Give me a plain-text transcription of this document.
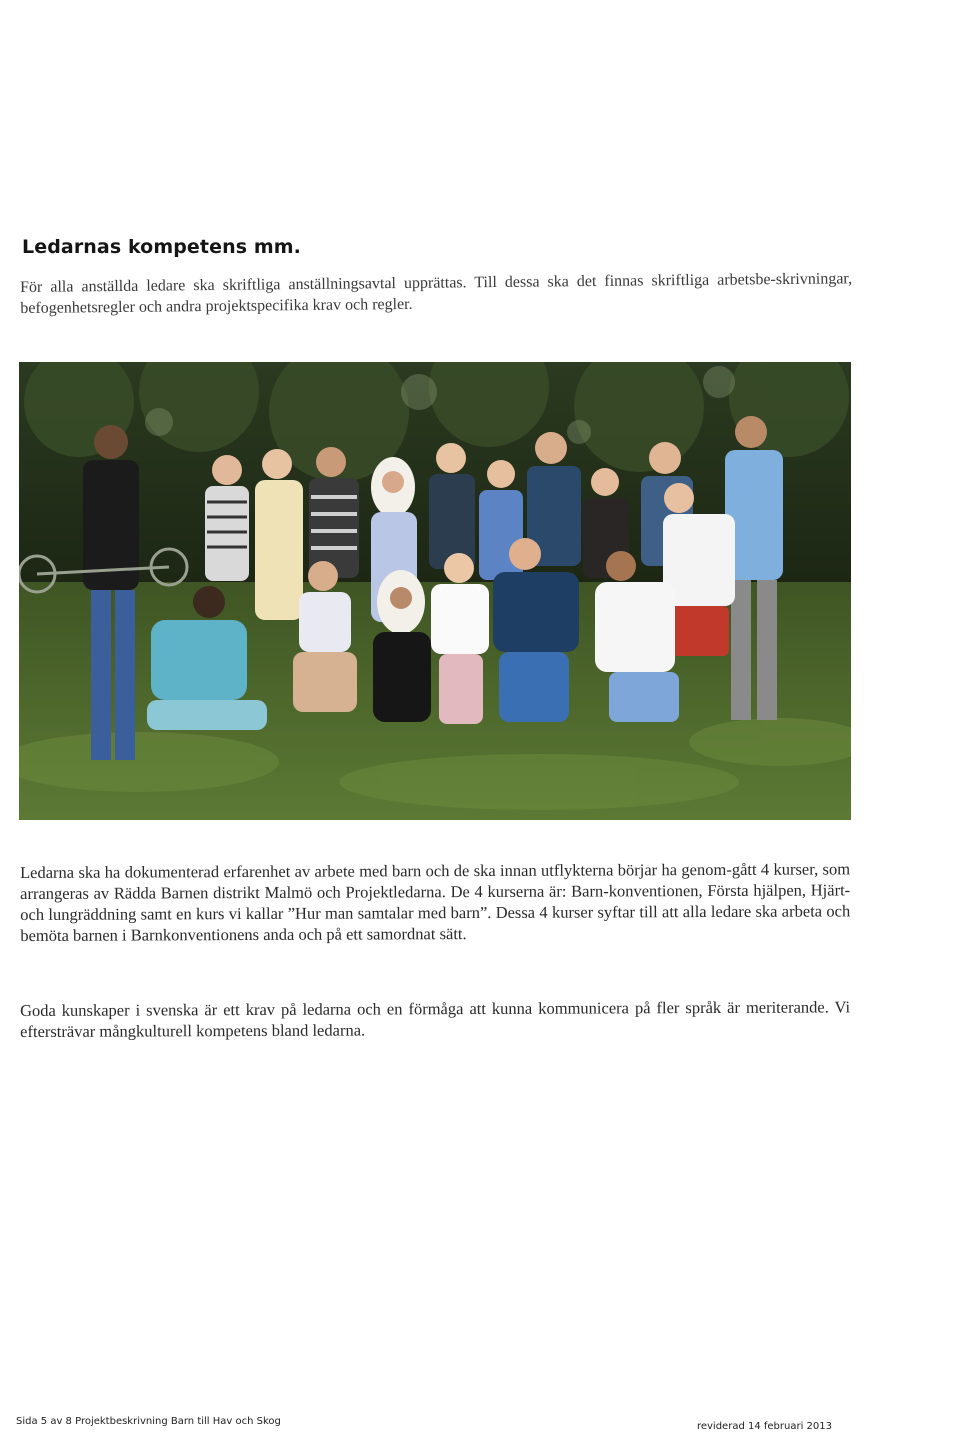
Ledarnas kompetens mm.

För alla anställda ledare ska skriftliga anställningsavtal upprättas. Till dessa ska det finnas skriftliga arbetsbe-skrivningar, befogenhetsregler och andra projektspecifika krav och regler.

Ledarna ska ha dokumenterad erfarenhet av arbete med barn och de ska innan utflykterna börjar ha genom-gått 4 kurser, som arrangeras av Rädda Barnen distrikt Malmö och Projektledarna. De 4 kurserna är: Barn-konventionen, Första hjälpen, Hjärt- och lungräddning samt en kurs vi kallar ”Hur man samtalar med barn”. Dessa 4 kurser syftar till att alla ledare ska arbeta och bemöta barnen i Barnkonventionens anda och på ett samordnat sätt.

Goda kunskaper i svenska är ett krav på ledarna och en förmåga att kunna kommunicera på fler språk är meriterande. Vi eftersträvar mångkulturell kompetens bland ledarna.

Sida 5 av 8 Projektbeskrivning Barn till Hav och Skog	reviderad 14 februari 2013
